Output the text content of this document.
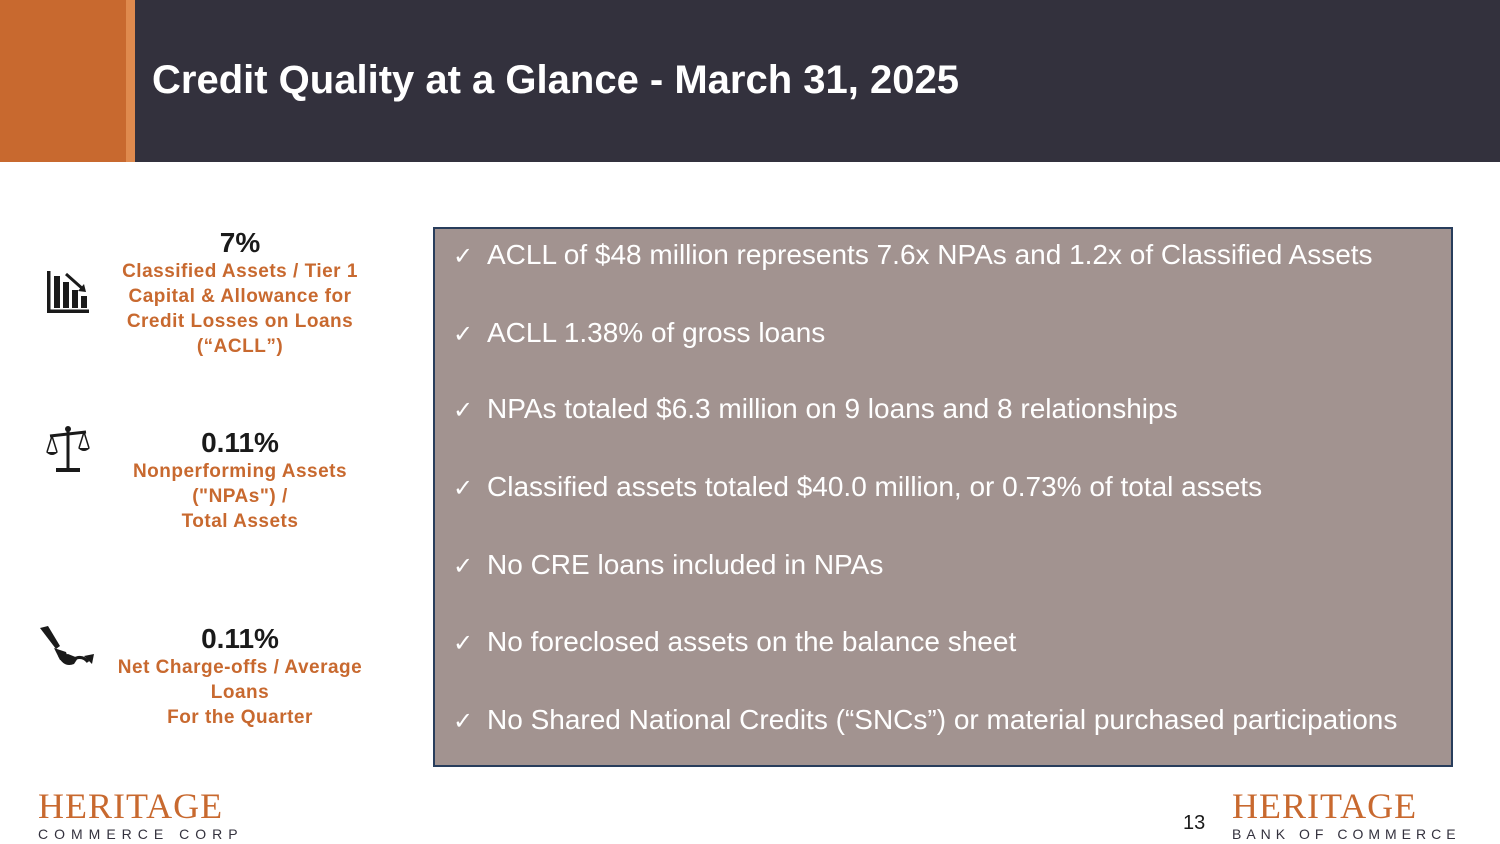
Credit Quality at a Glance - March 31, 2025
7%
Classified Assets / Tier 1
Capital & Allowance for
Credit Losses on Loans
(“ACLL”)
0.11%
Nonperforming Assets
("NPAs") /
Total Assets
0.11%
Net Charge-offs / Average
Loans
For the Quarter
✓ ACLL of $48 million represents 7.6x NPAs and 1.2x of Classified Assets
✓ ACLL 1.38% of gross loans
✓ NPAs totaled $6.3 million on 9 loans and 8 relationships
✓ Classified assets totaled $40.0 million, or 0.73% of total assets
✓ No CRE loans included in NPAs
✓ No foreclosed assets on the balance sheet
✓ No Shared National Credits (“SNCs”) or material purchased participations
HERITAGE
COMMERCE CORP	13 HERITAGE
BANK OF COMMERCE
